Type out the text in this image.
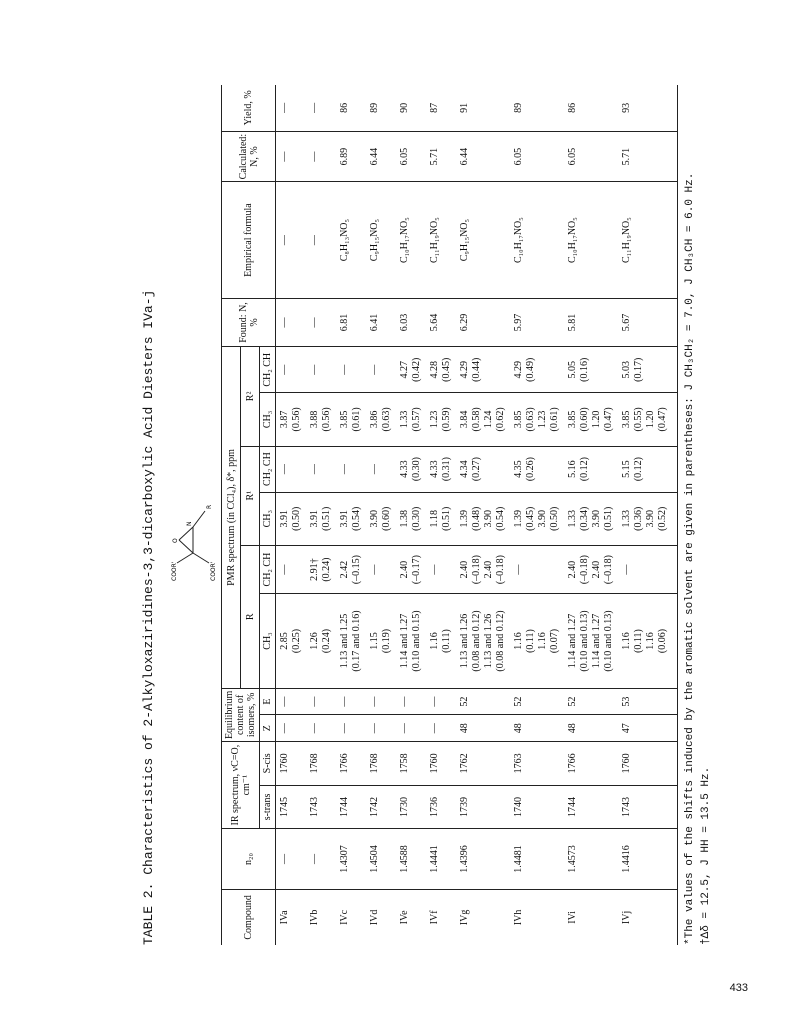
TABLE 2. Characteristics of 2-Alkyloxaziridines-3,3-dicarboxylic Acid Diesters IVa-j	COOR'	COOR'
O
N
R
Compound	n₂₀	IR spectrum, νC=O, cm⁻¹		Equilibrium content of isomers, %		PMR spectrum (in CCl₄), δ*, ppm						Found: N, %	Empirical formula	Calculated: N, %	Yield, %
						R		R¹		R²					
		s-trans	S-cis	Z	E	CH₃	CH₂ CH	CH₃	CH₂ CH	CH₃	CH₂ CH				
IVa	—	1745	1760	—	—	2.85 (0.25)	—	3.91 (0.50)	—	3.87 (0.56)	—	—	—	—	—
IVb	—	1743	1768	—	—	1.26 (0.24)	2.91† (0.24)	3.91 (0.51)	—	3.88 (0.56)	—	—	—	—	—
IVc	1.4307	1744	1766	—	—	1.13 and 1.25 (0.17 and 0.16)	2.42 (–0.15)	3.91 (0.54)	—	3.85 (0.61)	—	6.81	C₈H₁₃NO₅	6.89	86
IVd	1.4504	1742	1768	—	—	1.15 (0.19)	—	3.90 (0.60)	—	3.86 (0.63)	—	6.41	C₉H₁₅NO₅	6.44	89
IVe	1.4588	1730	1758	—	—	1.14 and 1.27 (0.10 and 0.15)	2.40 (–0.17)	1.38 (0.30)	4.33 (0.30)	1.33 (0.57)	4.27 (0.42)	6.03	C₁₀H₁₇NO₅	6.05	90
IVf	1.4441	1736	1760	—	—	1.16 (0.11)	—	1.18 (0.51)	4.33 (0.31)	1.23 (0.59)	4.28 (0.45)	5.64	C₁₁H₁₉NO₅	5.71	87
IVg	1.4396	1739	1762	48	52	1.13 and 1.26 (0.08 and 0.12) 1.13 and 1.26 (0.08 and 0.12)	2.40 (–0.18) 2.40 (–0.18)	1.39 (0.48) 3.90 (0.54)	4.34 (0.27)	3.84 (0.58) 1.24 (0.62)	4.29 (0.44)	6.29	C₉H₁₅NO₅	6.44	91
IVh	1.4481	1740	1763	48	52	1.16 (0.11) 1.16 (0.07)	—	1.39 (0.45) 3.90 (0.50)	4.35 (0.26)	3.85 (0.63) 1.23 (0.61)	4.29 (0.49)	5.97	C₁₀H₁₇NO₅	6.05	89
IVi	1.4573	1744	1766	48	52	1.14 and 1.27 (0.10 and 0.13) 1.14 and 1.27 (0.10 and 0.13)	2.40 (–0.18) 2.40 (–0.18)	1.33 (0.34) 3.90 (0.51)	5.16 (0.12)	3.85 (0.60) 1.20 (0.47)	5.05 (0.16)	5.81	C₁₀H₁₇NO₅	6.05	86
IVj	1.4416	1743	1760	47	53	1.16 (0.11) 1.16 (0.06)	—	1.33 (0.36) 3.90 (0.52)	5.15 (0.12)	3.85 (0.55) 1.20 (0.47)	5.03 (0.17)	5.67	C₁₁H₁₉NO₅	5.71	93
*The values of the shifts induced by the aromatic solvent are given in parentheses: J CH₃CH₂ = 7.0, J CH₃CH = 6.0 Hz. †Δδ = 12.5, J HH = 13.5 Hz.
433
